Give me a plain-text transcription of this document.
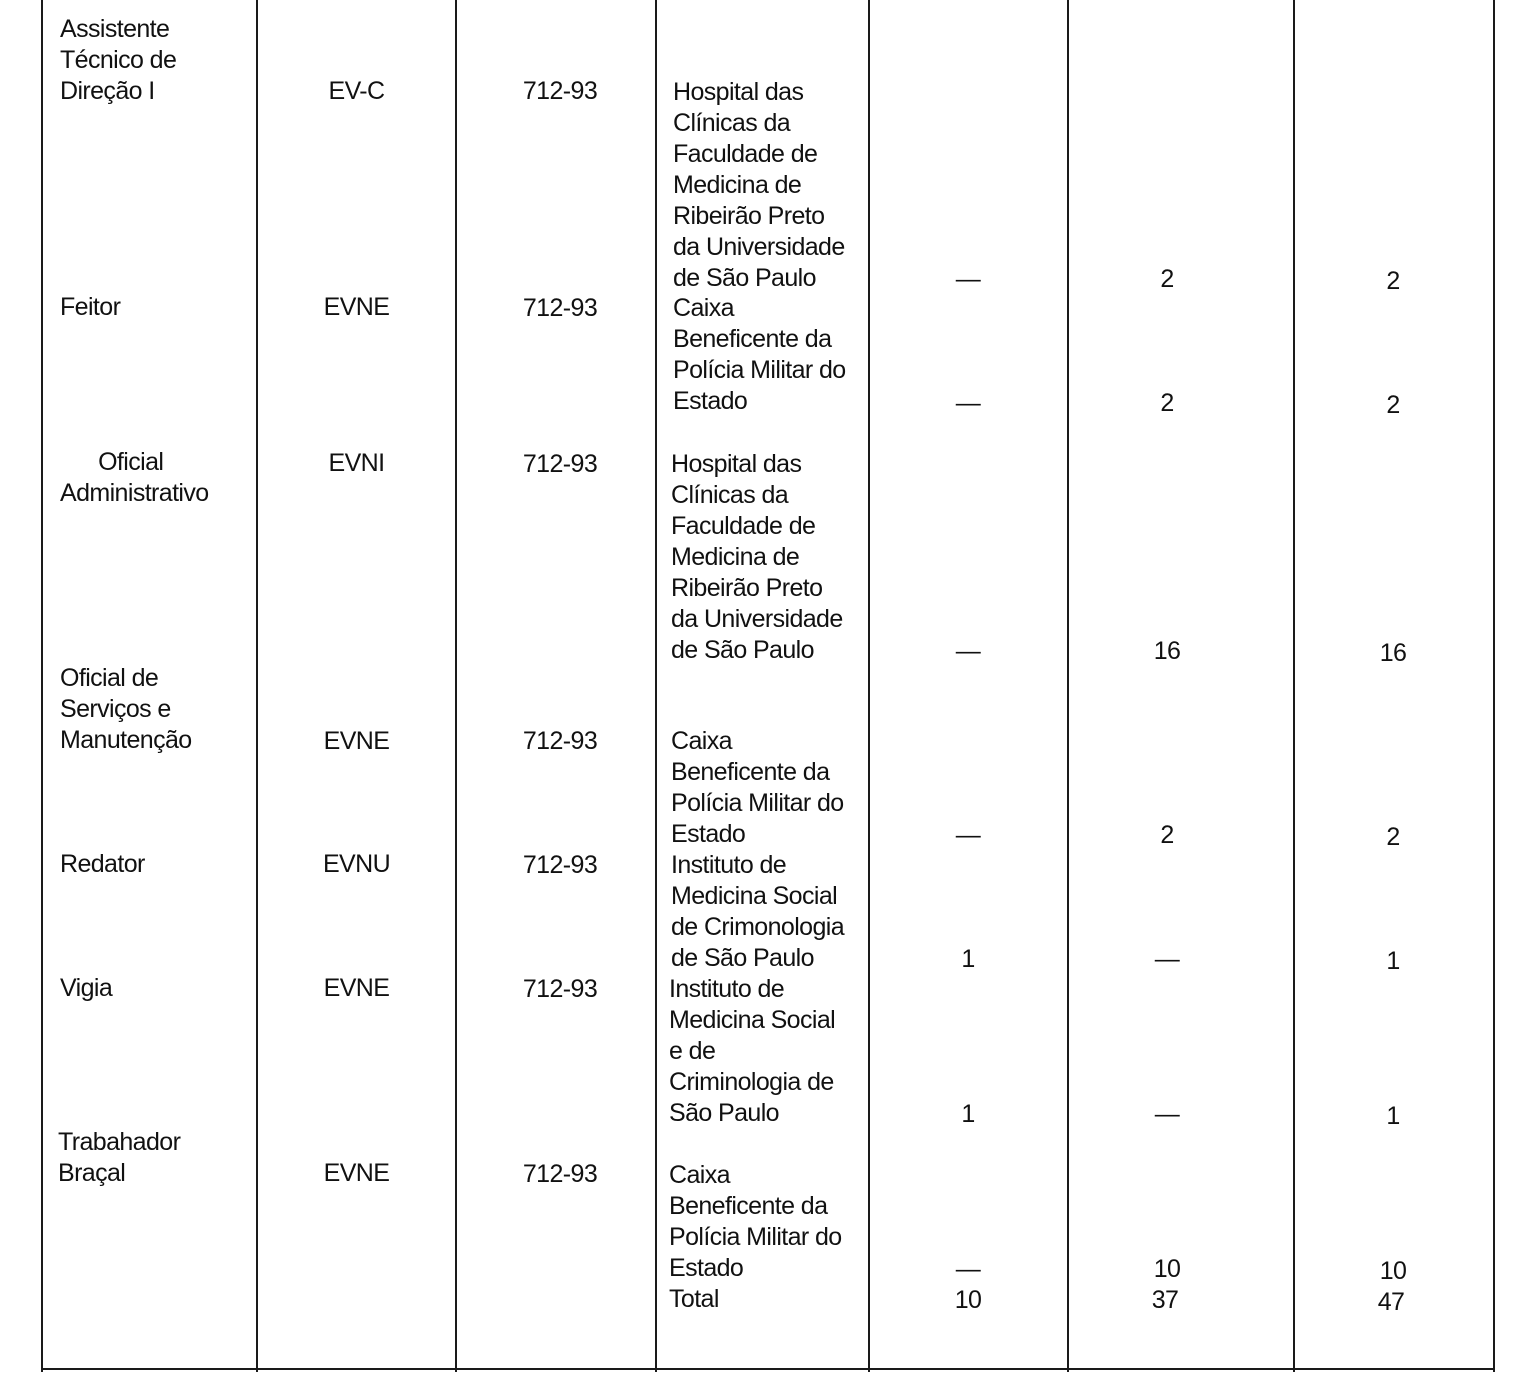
Assistente
Técnico de
Direção I	EV-C	712-93	Hospital das
Clínicas da
Faculdade de
Medicina de
Ribeirão Preto
da Universidade
de São Paulo	—	2	2
Feitor	EVNE	712-93	Caixa
Beneficente da
Polícia Militar do
Estado	—	2	2

Oficial
Administrativo

EVNI	712-93	Hospital das
Clínicas da
Faculdade de
Medicina de
Ribeirão Preto
da Universidade
de São Paulo	—	16	16
Oficial de
Serviços e
Manutenção	EVNE	712-93	Caixa
Beneficente da
Polícia Militar do
Estado	—	2	2
Redator	EVNU	712-93	Instituto de
Medicina Social
de Crimonologia
de São Paulo	1	—	1
Vigia	EVNE	712-93	Instituto de
Medicina Social
e de
Criminologia de
São Paulo	1	—	1
Trabahador
Braçal	EVNE	712-93	Caixa
Beneficente da
Polícia Militar do
Estado	—	10	10
Total	10	37	47
